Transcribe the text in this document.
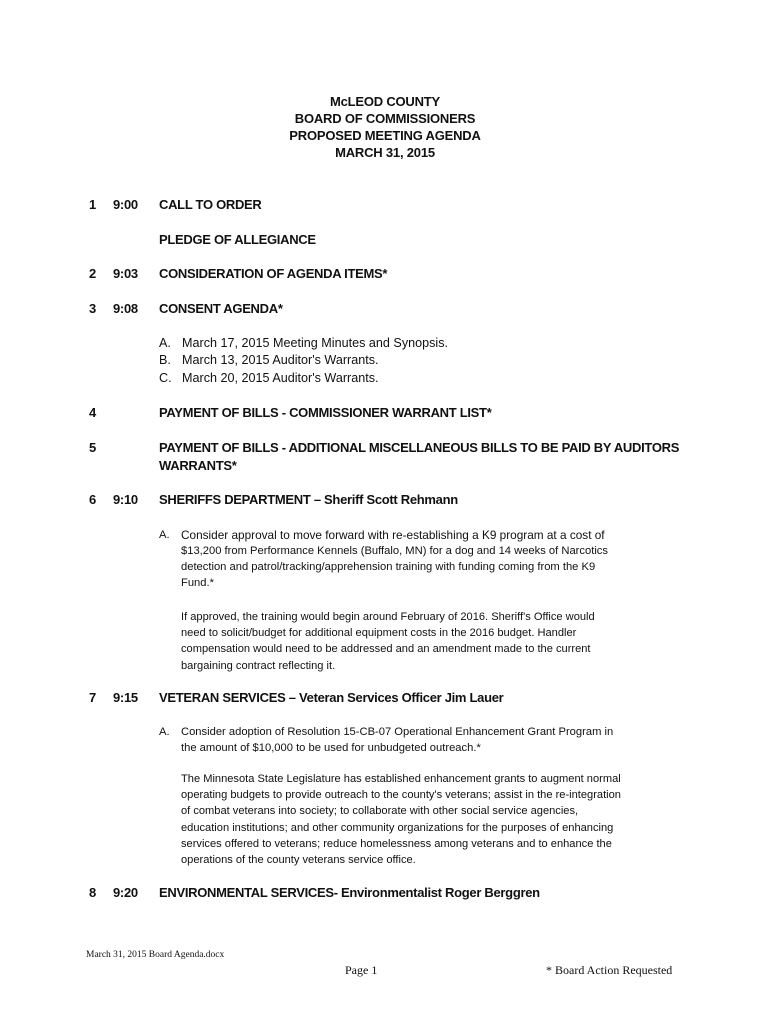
McLEOD COUNTY
BOARD OF COMMISSIONERS
PROPOSED MEETING AGENDA
MARCH 31, 2015
1 9:00 CALL TO ORDER
PLEDGE OF ALLEGIANCE
2 9:03 CONSIDERATION OF AGENDA ITEMS*
3 9:08 CONSENT AGENDA*
A. March 17, 2015 Meeting Minutes and Synopsis.
B. March 13, 2015 Auditor's Warrants.
C. March 20, 2015 Auditor's Warrants.
4	PAYMENT OF BILLS - COMMISSIONER WARRANT LIST*
5	PAYMENT OF BILLS - ADDITIONAL MISCELLANEOUS BILLS TO BE PAID BY AUDITORS
WARRANTS*
6 9:10 SHERIFFS DEPARTMENT – Sheriff Scott Rehmann
A. Consider approval to move forward with re-establishing a K9 program at a cost of
$13,200 from Performance Kennels (Buffalo, MN) for a dog and 14 weeks of Narcotics
detection and patrol/tracking/apprehension training with funding coming from the K9
Fund.*
If approved, the training would begin around February of 2016. Sheriff's Office would
need to solicit/budget for additional equipment costs in the 2016 budget. Handler
compensation would need to be addressed and an amendment made to the current
bargaining contract reflecting it.
7 9:15 VETERAN SERVICES – Veteran Services Officer Jim Lauer
A. Consider adoption of Resolution 15-CB-07 Operational Enhancement Grant Program in
the amount of $10,000 to be used for unbudgeted outreach.*
The Minnesota State Legislature has established enhancement grants to augment normal
operating budgets to provide outreach to the county's veterans; assist in the re-integration
of combat veterans into society; to collaborate with other social service agencies,
education institutions; and other community organizations for the purposes of enhancing
services offered to veterans; reduce homelessness among veterans and to enhance the
operations of the county veterans service office.
8 9:20 ENVIRONMENTAL SERVICES- Environmentalist Roger Berggren
March 31, 2015 Board Agenda.docx
Page 1	* Board Action Requested
